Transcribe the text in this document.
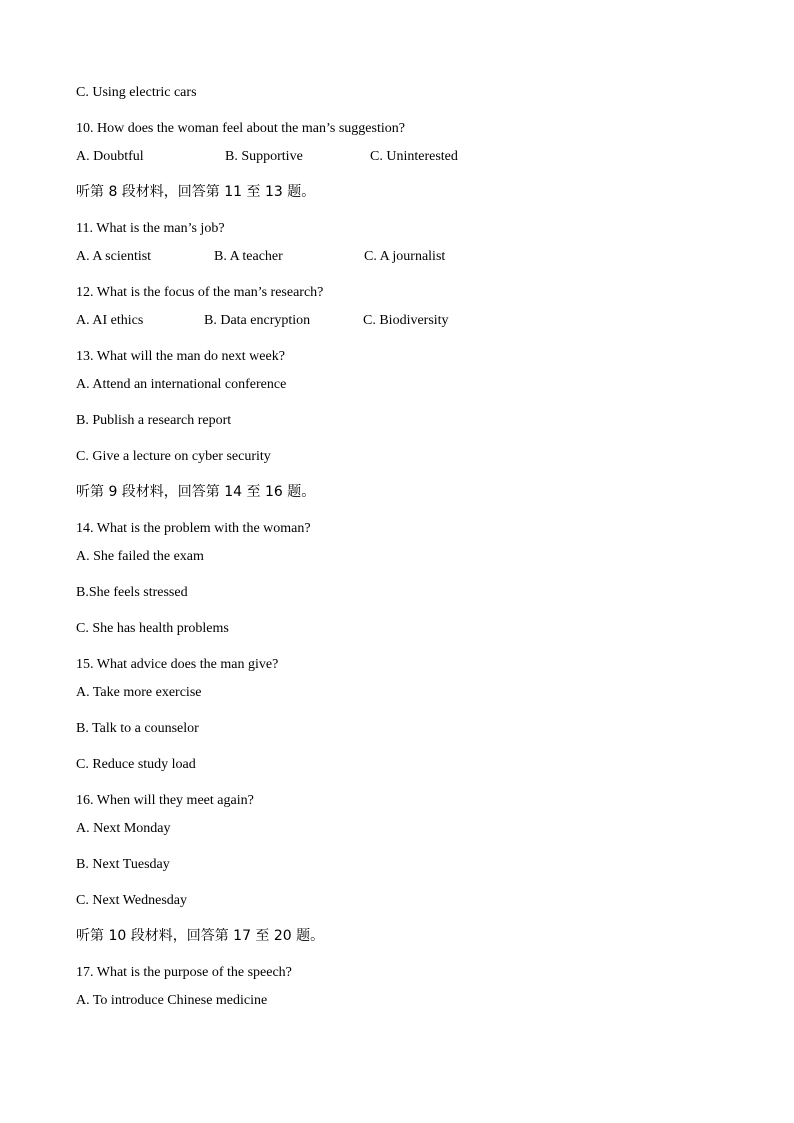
C. Using electric cars
10. How does the woman feel about the man’s suggestion?
A. Doubtful	B. Supportive	C. Uninterested
听第 8 段材料，回答第 11 至 13 题。
11. What is the man’s job?
A. A scientist	B. A teacher	C. A journalist
12. What is the focus of the man’s research?
A. AI ethics	B. Data encryption	C. Biodiversity
13. What will the man do next week?
A. Attend an international conference
B. Publish a research report
C. Give a lecture on cyber security
听第 9 段材料，回答第 14 至 16 题。
14. What is the problem with the woman?
A. She failed the exam
B.She feels stressed
C. She has health problems
15. What advice does the man give?
A. Take more exercise
B. Talk to a counselor
C. Reduce study load
16. When will they meet again?
A. Next Monday
B. Next Tuesday
C. Next Wednesday
听第 10 段材料，回答第 17 至 20 题。
17. What is the purpose of the speech?
A. To introduce Chinese medicine
